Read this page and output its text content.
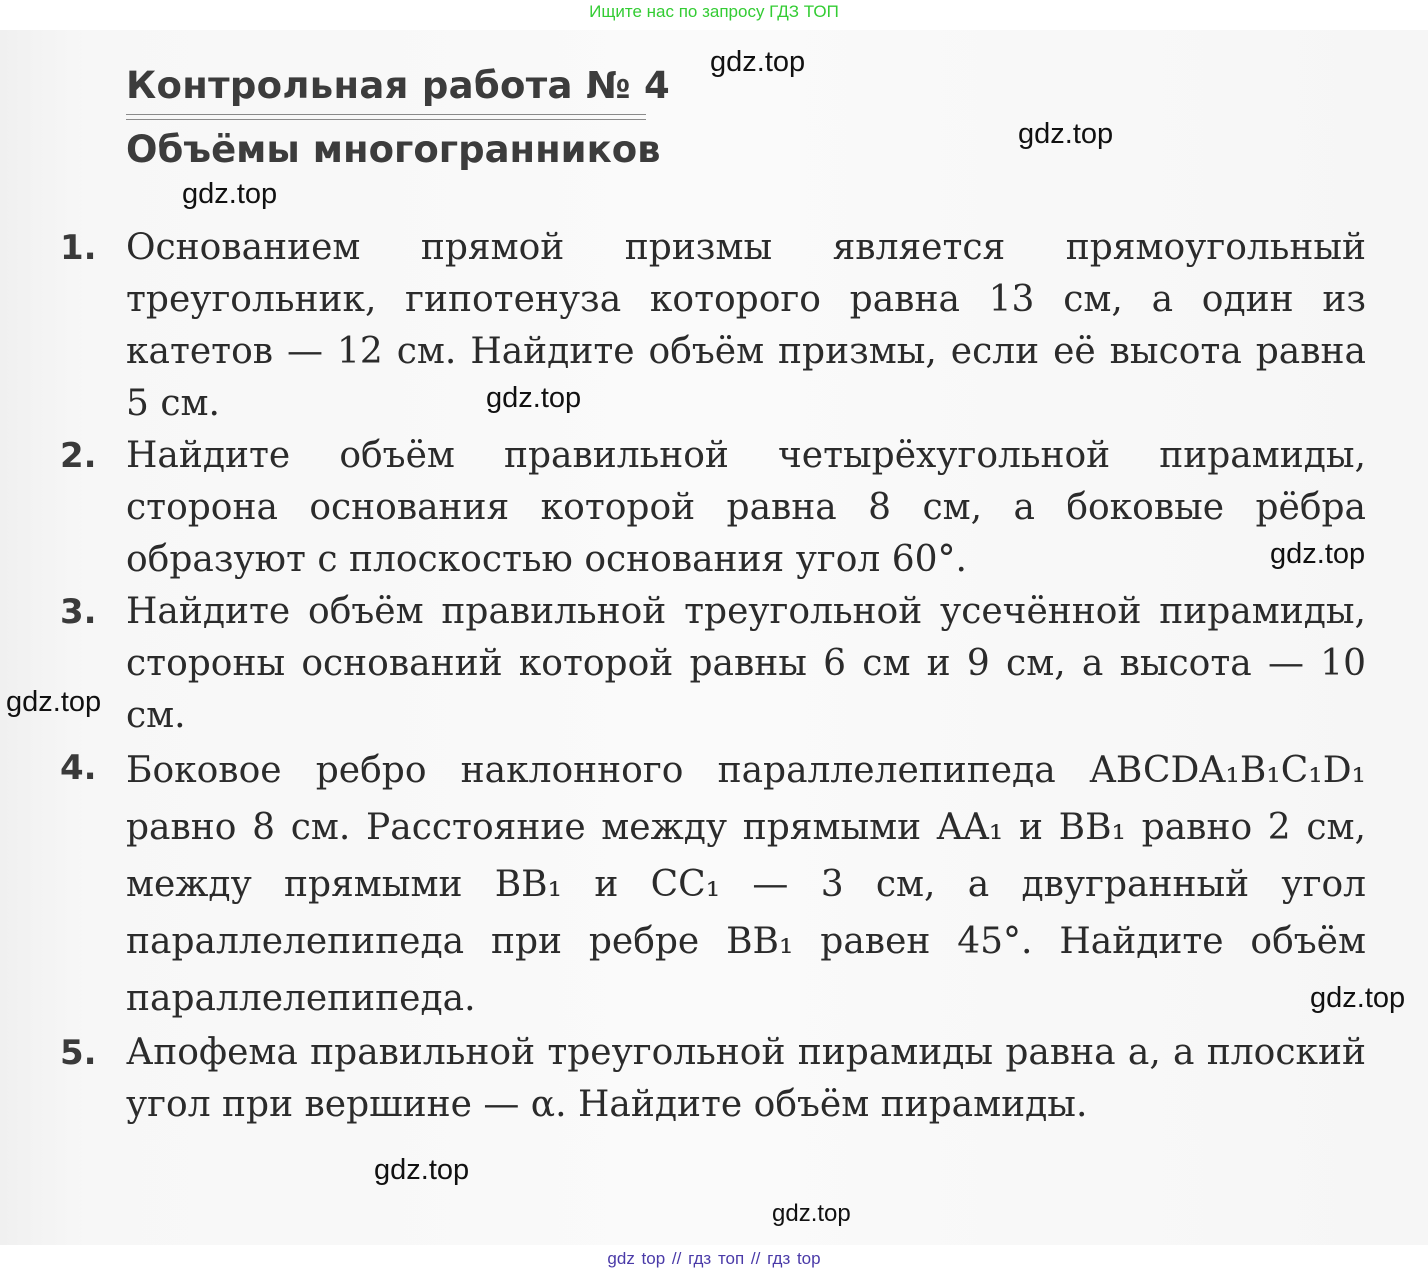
Ищите нас по запросу ГДЗ ТОП
Контрольная работа № 4
Объёмы многогранников
1. Основанием прямой призмы является прямоугольный треугольник, гипотенуза которого равна 13 см, а один из катетов — 12 см. Найдите объём призмы, если её высота равна 5 см.

2. Найдите объём правильной четырёхугольной пирамиды, сторона основания которой равна 8 см, а боковые рёбра образуют с плоскостью основания угол 60°.

3. Найдите объём правильной треугольной усечённой пирамиды, стороны оснований которой равны 6 см и 9 см, а высота — 10 см.

4. Боковое ребро наклонного параллелепипеда ABCDA₁B₁C₁D₁ равно 8 см. Расстояние между прямыми AA₁ и BB₁ равно 2 см, между прямыми BB₁ и CC₁ — 3 см, а двугранный угол параллелепипеда при ребре BB₁ равен 45°. Найдите объём параллелепипеда.

5. Апофема правильной треугольной пирамиды равна a, а плоский угол при вершине — α. Найдите объём пирамиды.

gdz.top
gdz.top
gdz.top
gdz.top
gdz.top
gdz.top
gdz.top
gdz.top
gdz.top
gdz top // гдз топ // гдз top
